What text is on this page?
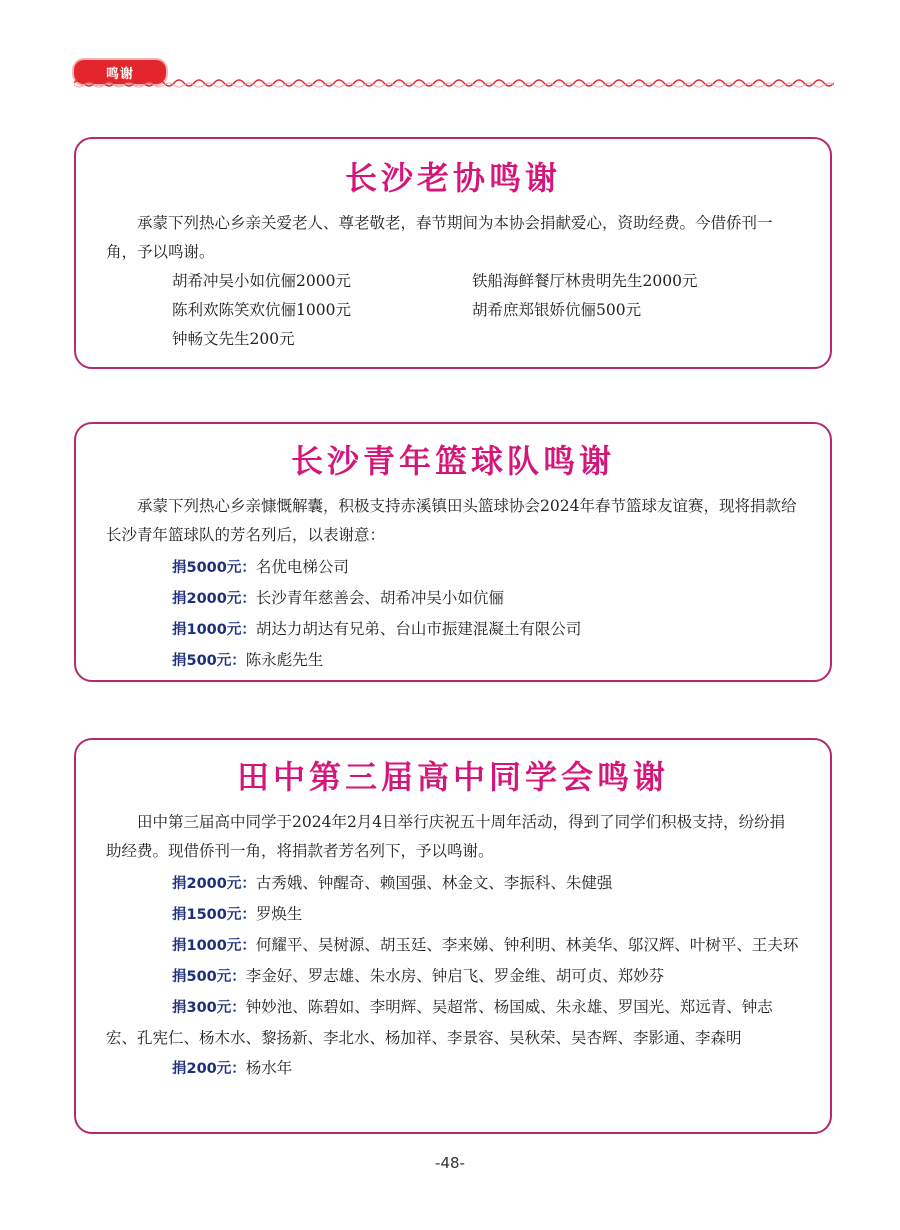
鸣谢
长沙老协鸣谢

承蒙下列热心乡亲关爱老人、尊老敬老，春节期间为本协会捐献爱心，资助经费。今借侨刊一角，予以鸣谢。

胡希冲吴小如伉俪2000元	铁船海鲜餐厅林贵明先生2000元
陈利欢陈笑欢伉俪1000元	胡希庶郑银娇伉俪500元
钟畅文先生200元
长沙青年篮球队鸣谢

承蒙下列热心乡亲慷慨解囊，积极支持赤溪镇田头篮球协会2024年春节篮球友谊赛，现将捐款给长沙青年篮球队的芳名列后，以表谢意：

捐5000元：名优电梯公司
捐2000元：长沙青年慈善会、胡希冲吴小如伉俪
捐1000元：胡达力胡达有兄弟、台山市振建混凝土有限公司
捐500元：陈永彪先生
田中第三届高中同学会鸣谢

田中第三届高中同学于2024年2月4日举行庆祝五十周年活动，得到了同学们积极支持，纷纷捐助经费。现借侨刊一角，将捐款者芳名列下，予以鸣谢。

捐2000元：古秀娥、钟醒奇、赖国强、林金文、李振科、朱健强
捐1500元：罗焕生
捐1000元：何耀平、吴树源、胡玉廷、李来娣、钟利明、林美华、邬汉辉、叶树平、王夫环
捐500元：李金好、罗志雄、朱水房、钟启飞、罗金维、胡可贞、郑妙芬
捐300元：钟妙池、陈碧如、李明辉、吴超常、杨国威、朱永雄、罗国光、郑远青、钟志宏、孔宪仁、杨木水、黎扬新、李北水、杨加祥、李景容、吴秋荣、吴杏辉、李影通、李森明
捐200元：杨水年
-48-
